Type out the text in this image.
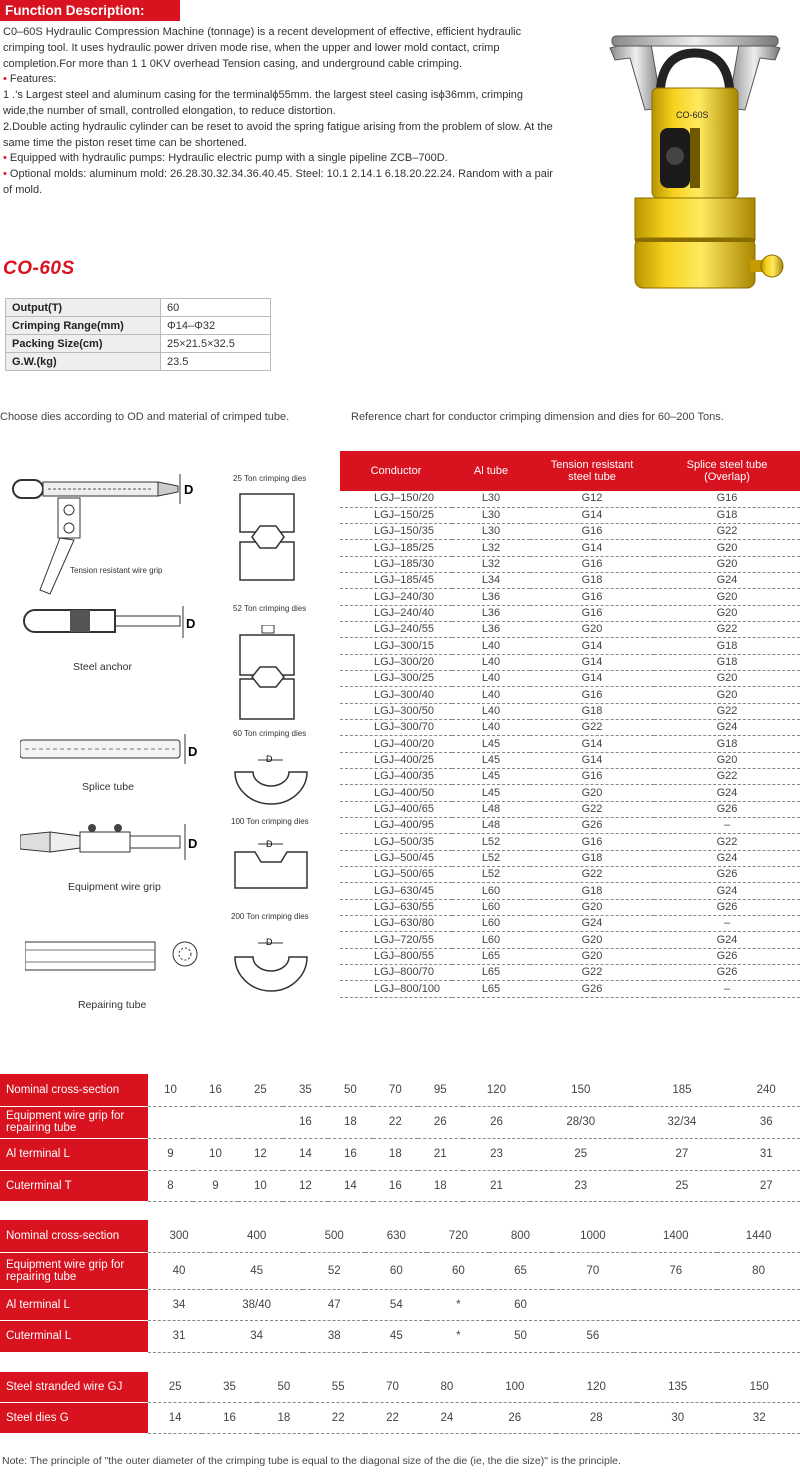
Function Description:

C0–60S Hydraulic Compression Machine (tonnage) is a recent development of effective, efficient hydraulic crimping tool. It uses hydraulic power driven mode rise, when the upper and lower mold contact, crimp completion.For more than 1 1 0KV overhead Tension casing, and underground cable crimping.

• Features:

1 .'s Largest steel and aluminum casing for the terminalϕ55mm. the largest steel casing isϕ36mm, crimping wide,the number of small, controlled elongation, to reduce distortion.

2.Double acting hydraulic cylinder can be reset to avoid the spring fatigue arising from the problem of slow. At the same time the piston reset time can be shortened.

• Equipped with hydraulic pumps: Hydraulic electric pump with a single pipeline ZCB–700D.

• Optional molds: aluminum mold: 26.28.30.32.34.36.40.45. Steel: 10.1 2.14.1 6.18.20.22.24. Random with a pair of mold.

CO-60S
CO-60S
Output(T)	60
Crimping Range(mm)	Φ14–Φ32
Packing Size(cm)	25×21.5×32.5
G.W.(kg)	23.5
Choose dies according to OD and material of crimped tube.	Reference chart for conductor crimping dimension and dies for 60–200 Tons.
D
Tension resistant wire grip
D
Steel anchor
D
Splice tube
D
Equipment wire grip
Repairing tube
25 Ton crimping dies
52 Ton crimping dies
60 Ton crimping dies
D
100 Ton crimping dies
D
200 Ton crimping dies
D
Conductor	Al tube	Tension resistant steel tube	Splice steel tube (Overlap)
LGJ–150/20	L30	G12	G16
LGJ–150/25	L30	G14	G18
LGJ–150/35	L30	G16	G22
LGJ–185/25	L32	G14	G20
LGJ–185/30	L32	G16	G20
LGJ–185/45	L34	G18	G24
LGJ–240/30	L36	G16	G20
LGJ–240/40	L36	G16	G20
LGJ–240/55	L36	G20	G22
LGJ–300/15	L40	G14	G18
LGJ–300/20	L40	G14	G18
LGJ–300/25	L40	G14	G20
LGJ–300/40	L40	G16	G20
LGJ–300/50	L40	G18	G22
LGJ–300/70	L40	G22	G24
LGJ–400/20	L45	G14	G18
LGJ–400/25	L45	G14	G20
LGJ–400/35	L45	G16	G22
LGJ–400/50	L45	G20	G24
LGJ–400/65	L48	G22	G26
LGJ–400/95	L48	G26	–
LGJ–500/35	L52	G16	G22
LGJ–500/45	L52	G18	G24
LGJ–500/65	L52	G22	G26
LGJ–630/45	L60	G18	G24
LGJ–630/55	L60	G20	G26
LGJ–630/80	L60	G24	–
LGJ–720/55	L60	G20	G24
LGJ–800/55	L65	G20	G26
LGJ–800/70	L65	G22	G26
LGJ–800/100	L65	G26	–
Nominal cross-section	10	16	25	35	50	70	95	120	150	185	240
Equipment wire grip for repairing tube				16	18	22	26	26	28/30	32/34	36
Al terminal L	9	10	12	14	16	18	21	23	25	27	31
Cuterminal T	8	9	10	12	14	16	18	21	23	25	27
Nominal cross-section	300	400	500	630	720	800	1000	1400	1440
Equipment wire grip for repairing tube	40	45	52	60	60	65	70	76	80
Al terminal L	34	38/40	47	54	*	60			
Cuterminal L	31	34	38	45	*	50	56		
Steel stranded wire GJ	25	35	50	55	70	80	100	120	135	150
Steel dies G	14	16	18	22	22	24	26	28	30	32
Note: The principle of "the outer diameter of the crimping tube is equal to the diagonal size of the die (ie, the die size)" is the principle.
